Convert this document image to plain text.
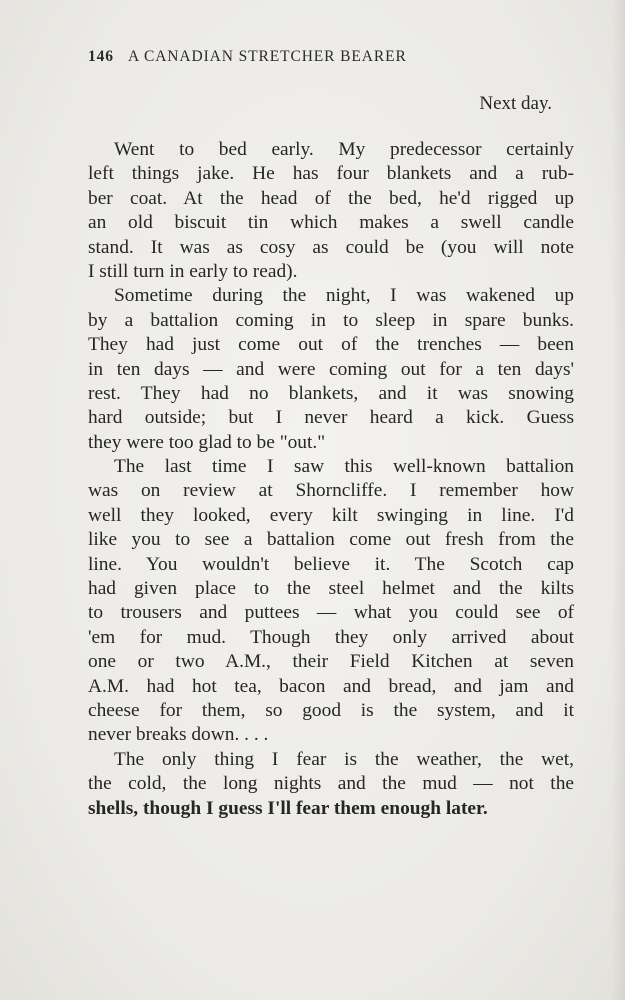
146 A CANADIAN STRETCHER BEARER
Next day.
Went to bed early. My predecessor certainly
left things jake. He has four blankets and a rub-
ber coat. At the head of the bed, he'd rigged up
an old biscuit tin which makes a swell candle
stand. It was as cosy as could be (you will note
I still turn in early to read).
Sometime during the night, I was wakened up
by a battalion coming in to sleep in spare bunks.
They had just come out of the trenches — been
in ten days — and were coming out for a ten days'
rest. They had no blankets, and it was snowing
hard outside; but I never heard a kick. Guess
they were too glad to be "out."
The last time I saw this well-known battalion
was on review at Shorncliffe. I remember how
well they looked, every kilt swinging in line. I'd
like you to see a battalion come out fresh from the
line. You wouldn't believe it. The Scotch cap
had given place to the steel helmet and the kilts
to trousers and puttees — what you could see of
'em for mud. Though they only arrived about
one or two A.M., their Field Kitchen at seven
A.M. had hot tea, bacon and bread, and jam and
cheese for them, so good is the system, and it
never breaks down. . . .
The only thing I fear is the weather, the wet,
the cold, the long nights and the mud — not the
shells, though I guess I'll fear them enough later.
